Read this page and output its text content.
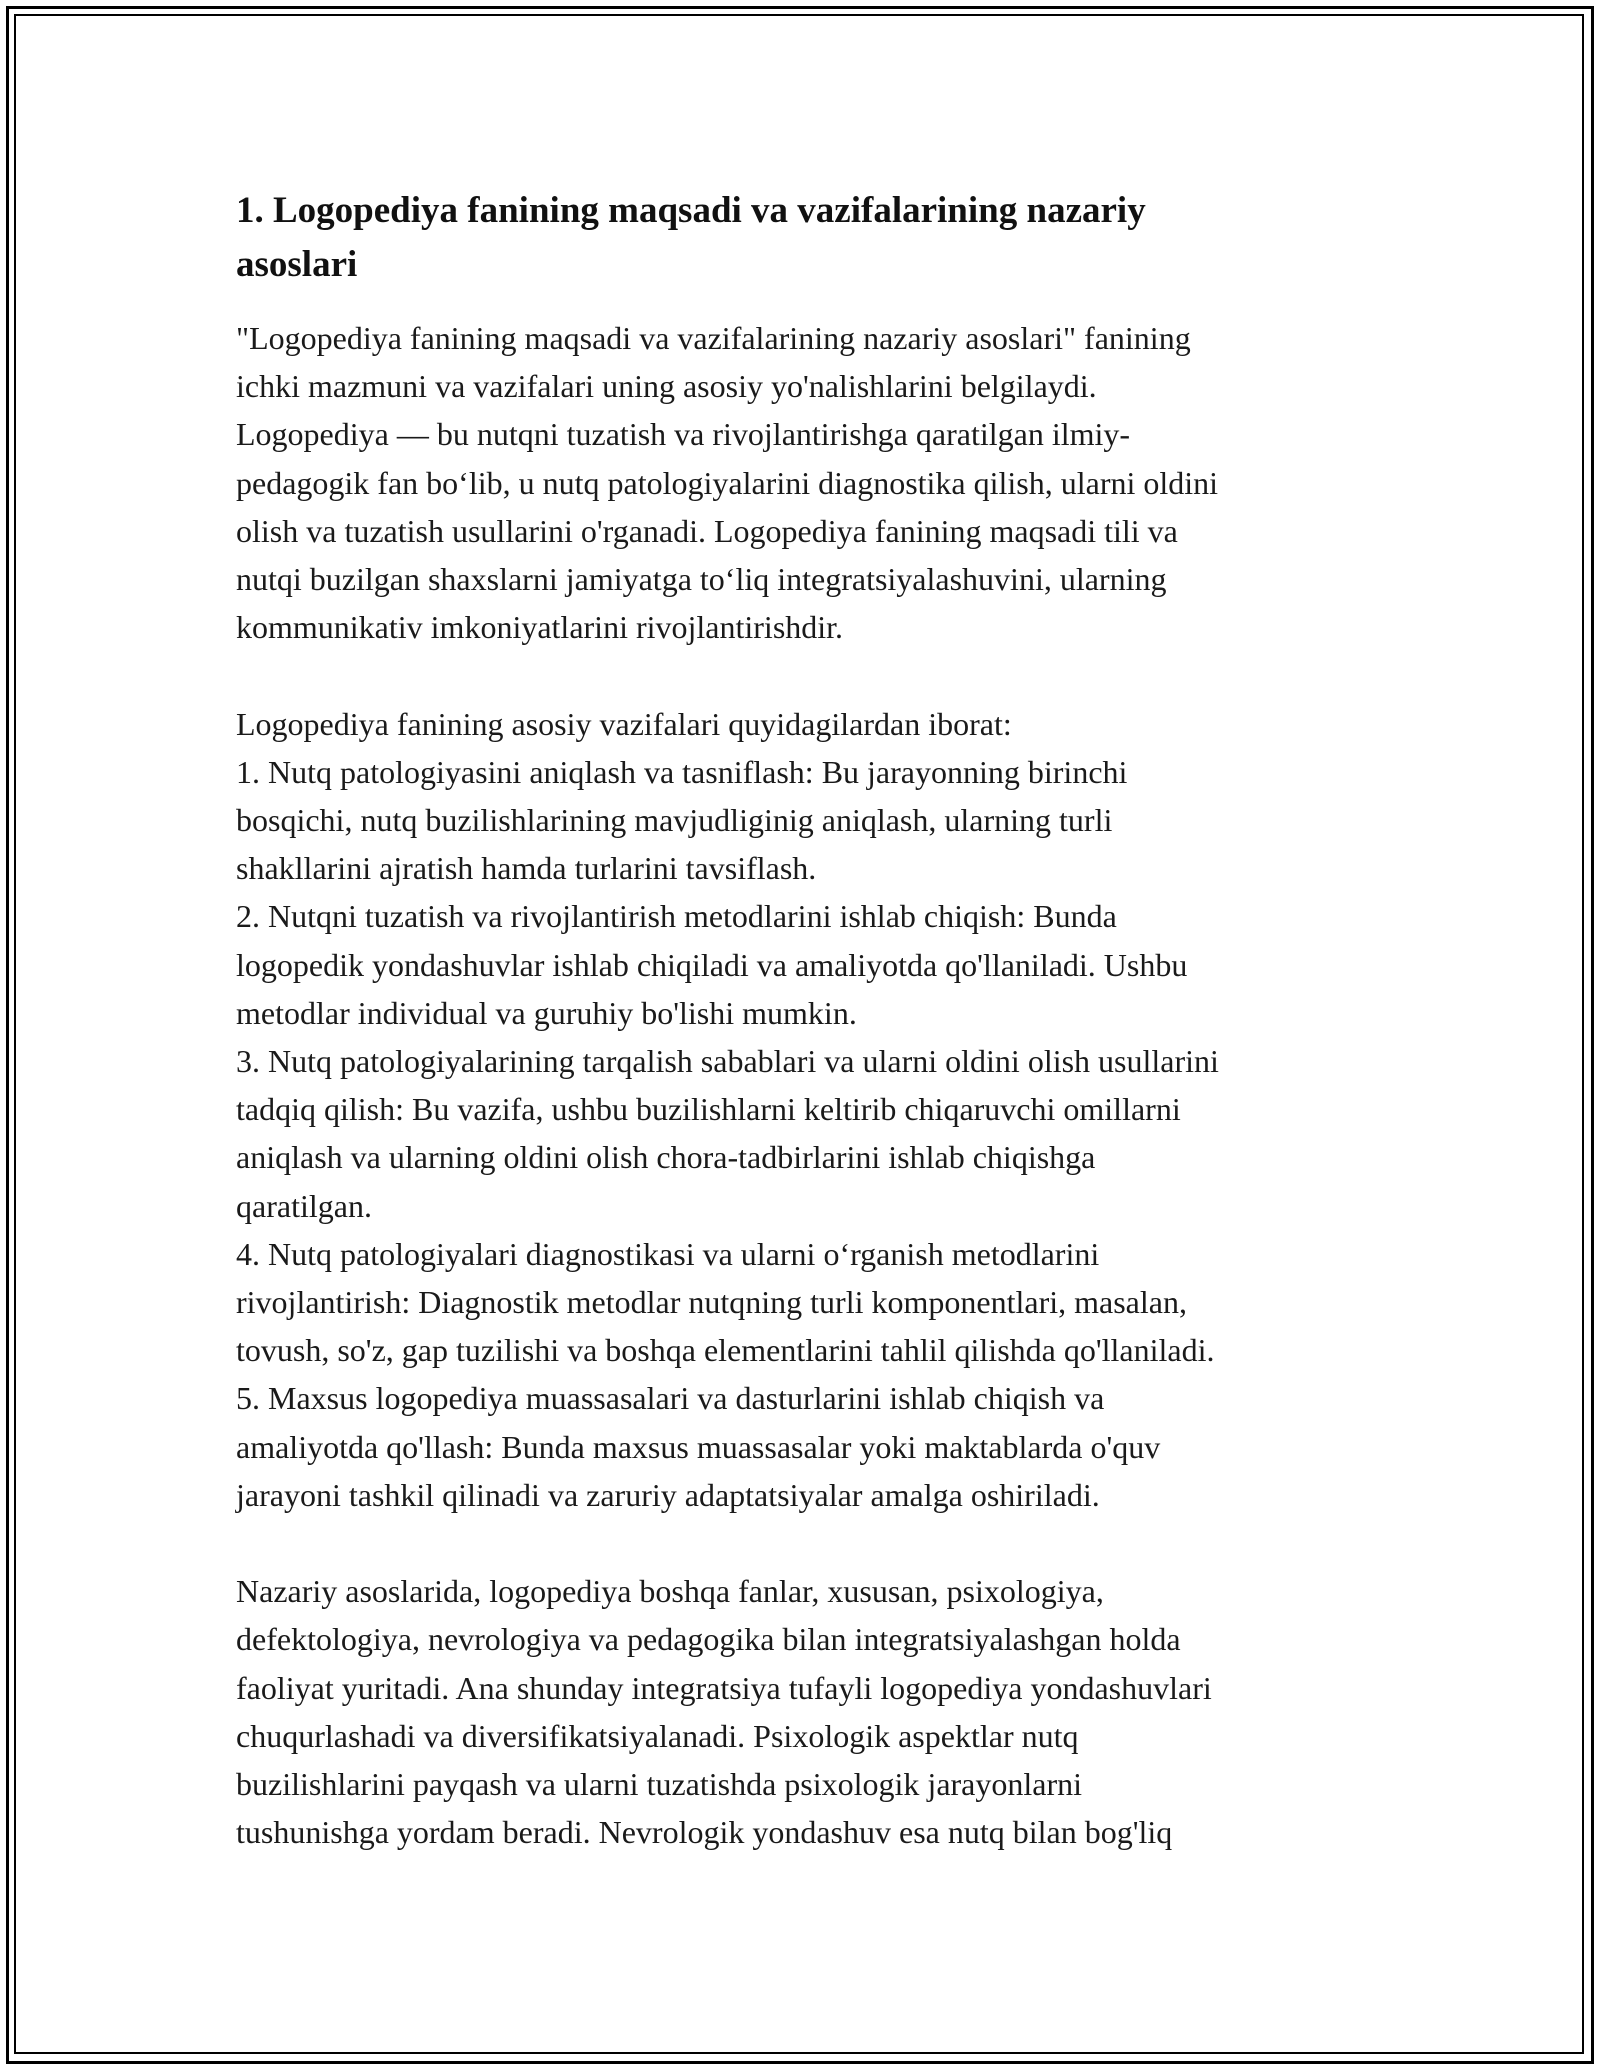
1. Logopediya fanining maqsadi va vazifalarining nazariy
asoslari

"Logopediya fanining maqsadi va vazifalarining nazariy asoslari" fanining
ichki mazmuni va vazifalari uning asosiy yo'nalishlarini belgilaydi.
Logopediya — bu nutqni tuzatish va rivojlantirishga qaratilgan ilmiy-
pedagogik fan bo‘lib, u nutq patologiyalarini diagnostika qilish, ularni oldini
olish va tuzatish usullarini o'rganadi. Logopediya fanining maqsadi tili va
nutqi buzilgan shaxslarni jamiyatga to‘liq integratsiyalashuvini, ularning
kommunikativ imkoniyatlarini rivojlantirishdir.

Logopediya fanining asosiy vazifalari quyidagilardan iborat:
1. Nutq patologiyasini aniqlash va tasniflash: Bu jarayonning birinchi
bosqichi, nutq buzilishlarining mavjudliginig aniqlash, ularning turli
shakllarini ajratish hamda turlarini tavsiflash.
2. Nutqni tuzatish va rivojlantirish metodlarini ishlab chiqish: Bunda
logopedik yondashuvlar ishlab chiqiladi va amaliyotda qo'llaniladi. Ushbu
metodlar individual va guruhiy bo'lishi mumkin.
3. Nutq patologiyalarining tarqalish sabablari va ularni oldini olish usullarini
tadqiq qilish: Bu vazifa, ushbu buzilishlarni keltirib chiqaruvchi omillarni
aniqlash va ularning oldini olish chora-tadbirlarini ishlab chiqishga
qaratilgan.
4. Nutq patologiyalari diagnostikasi va ularni o‘rganish metodlarini
rivojlantirish: Diagnostik metodlar nutqning turli komponentlari, masalan,
tovush, so'z, gap tuzilishi va boshqa elementlarini tahlil qilishda qo'llaniladi.
5. Maxsus logopediya muassasalari va dasturlarini ishlab chiqish va
amaliyotda qo'llash: Bunda maxsus muassasalar yoki maktablarda o'quv
jarayoni tashkil qilinadi va zaruriy adaptatsiyalar amalga oshiriladi.

Nazariy asoslarida, logopediya boshqa fanlar, xususan, psixologiya,
defektologiya, nevrologiya va pedagogika bilan integratsiyalashgan holda
faoliyat yuritadi. Ana shunday integratsiya tufayli logopediya yondashuvlari
chuqurlashadi va diversifikatsiyalanadi. Psixologik aspektlar nutq
buzilishlarini payqash va ularni tuzatishda psixologik jarayonlarni
tushunishga yordam beradi. Nevrologik yondashuv esa nutq bilan bog'liq
